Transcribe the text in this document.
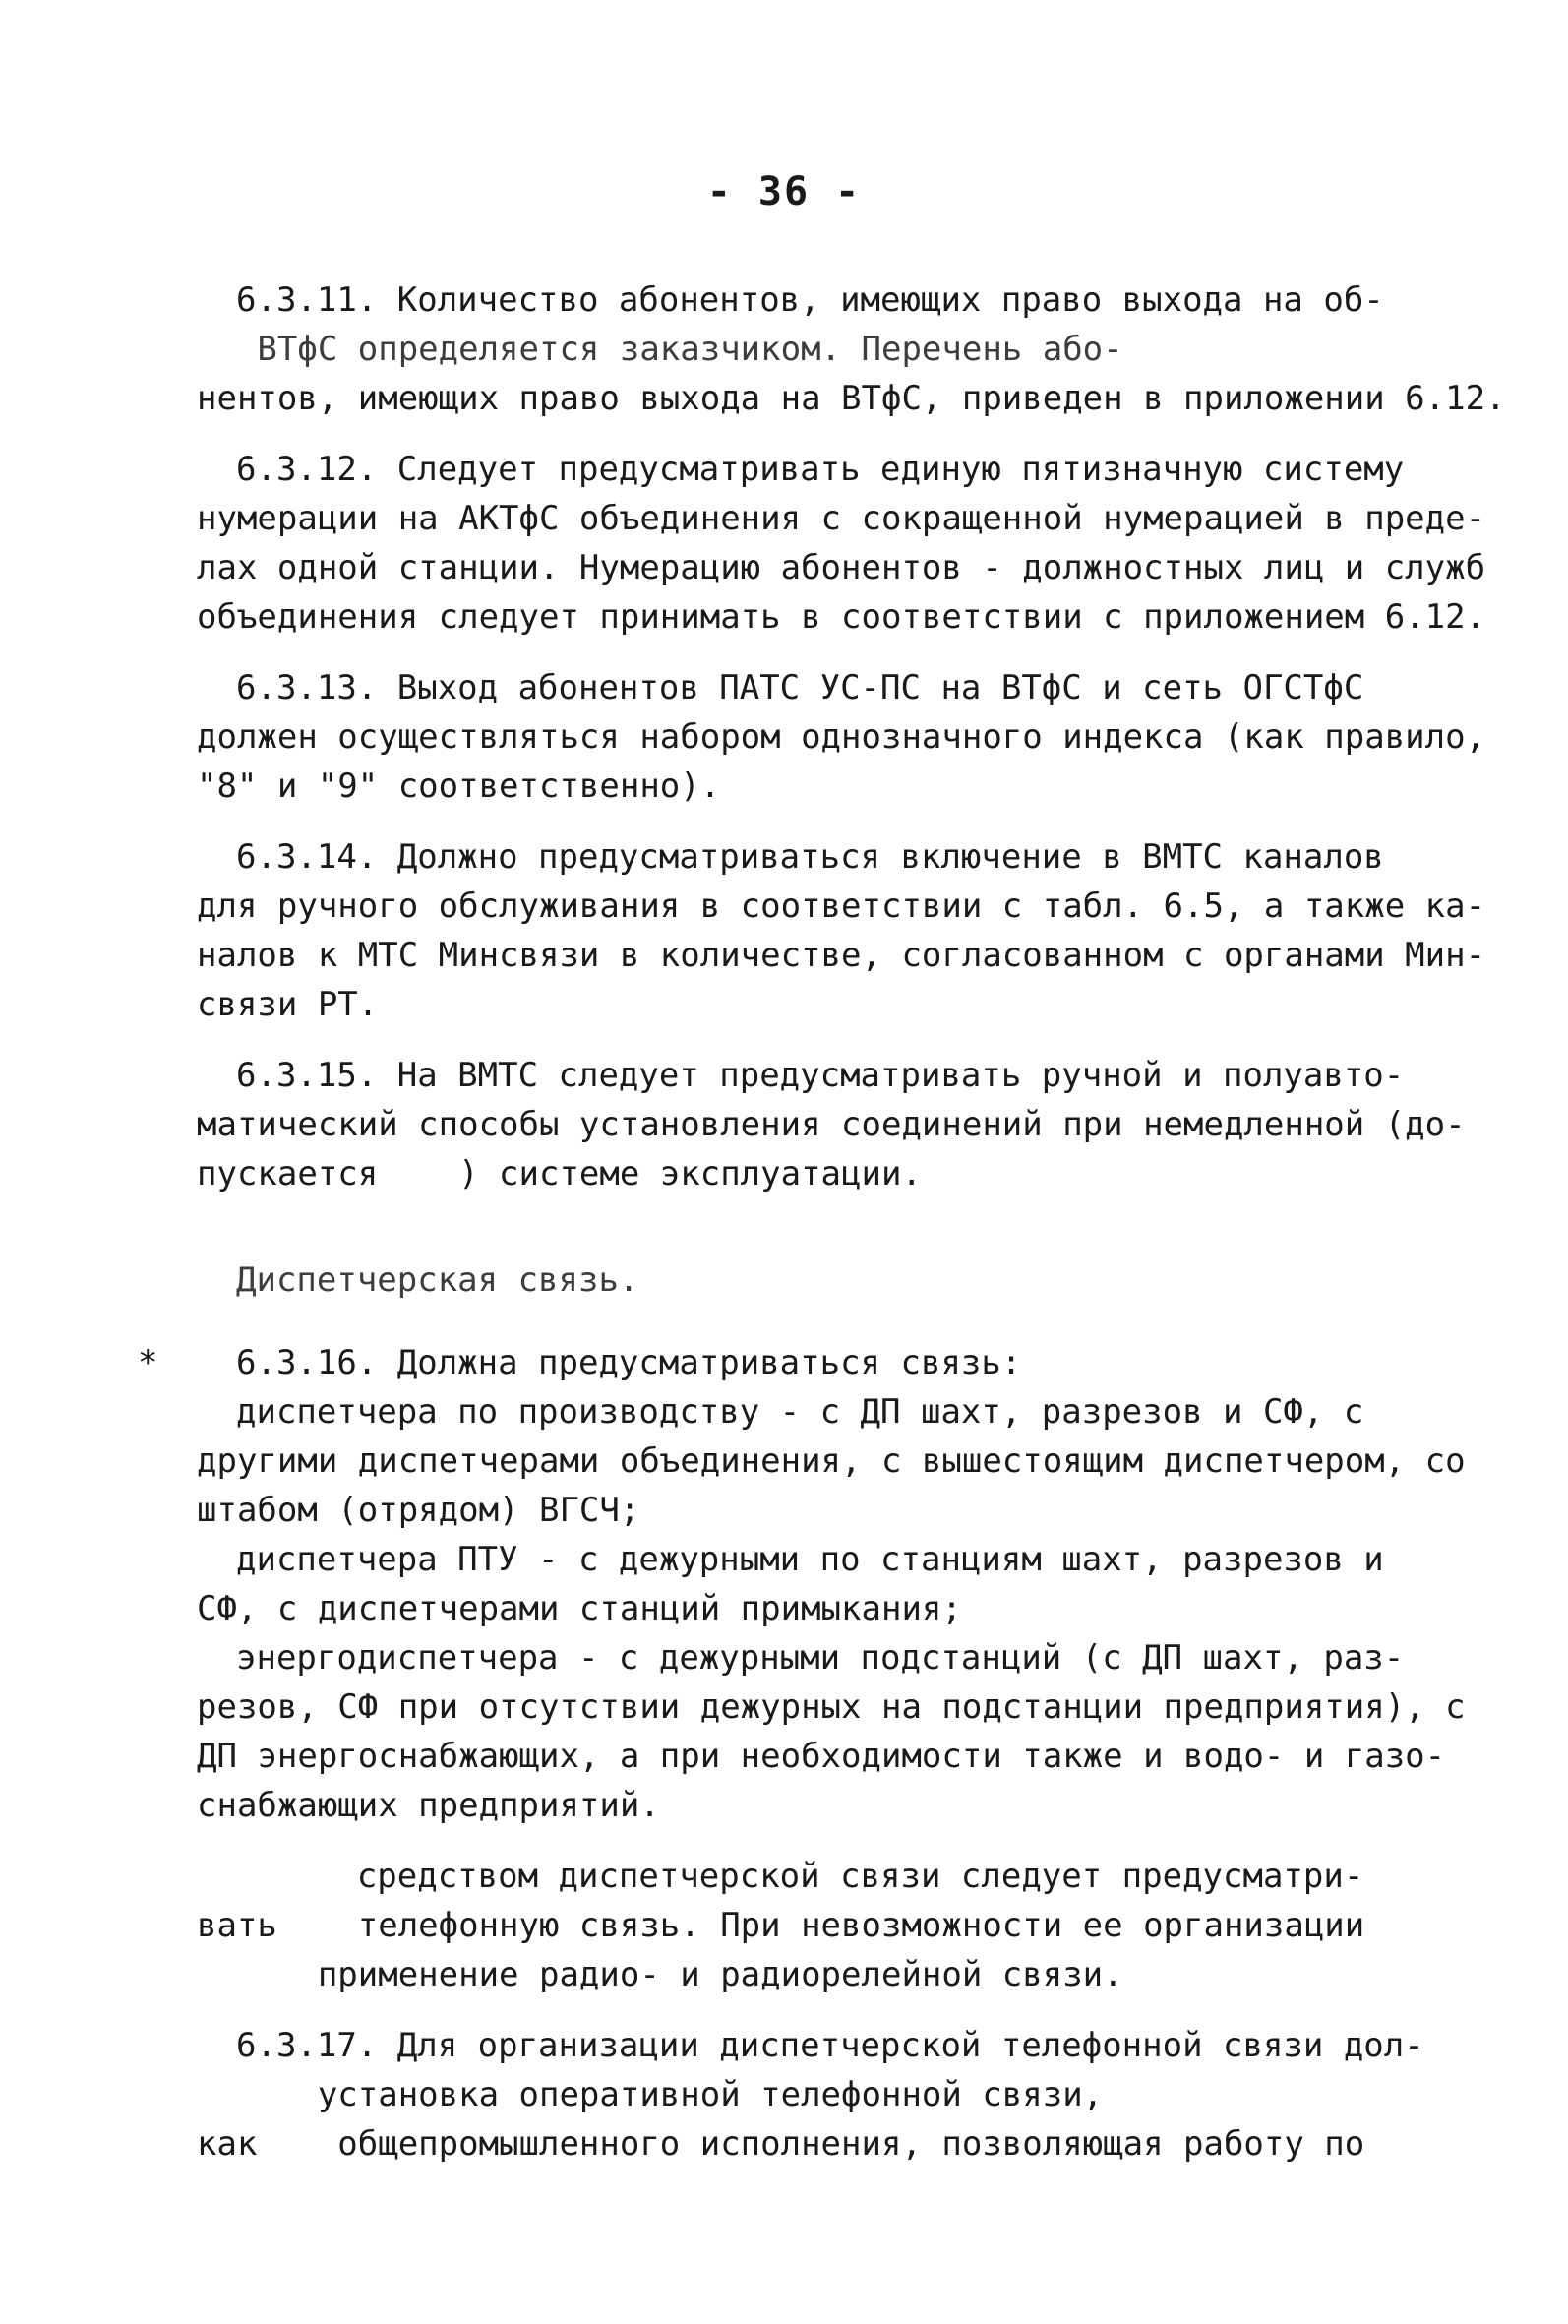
- 36 -
6.3.11. Количество абонентов, имеющих право выхода на об-
ВТфС определяется заказчиком. Перечень або-
нентов, имеющих право выхода на ВТфС, приведен в приложении 6.12.
6.3.12. Следует предусматривать единую пятизначную систему
нумерации на АКТфС объединения с сокращенной нумерацией в преде-
лах одной станции. Нумерацию абонентов - должностных лиц и служб
объединения следует принимать в соответствии с приложением 6.12.
6.3.13. Выход абонентов ПАТС УС-ПС на ВТфС и сеть ОГСТфС
должен осуществляться набором однозначного индекса (как правило,
"8" и "9" соответственно).
6.3.14. Должно предусматриваться включение в ВМТС каналов
для ручного обслуживания в соответствии с табл. 6.5, а также ка-
налов к МТС Минсвязи в количестве, согласованном с органами Мин-
связи РТ.
6.3.15. На ВМТС следует предусматривать ручной и полуавто-
матический способы установления соединений при немедленной (до-
пускается    ) системе эксплуатации.
Диспетчерская связь.
* 6.3.16. Должна предусматриваться связь:
диспетчера по производству - с ДП шахт, разрезов и СФ, с
другими диспетчерами объединения, с вышестоящим диспетчером, со
штабом (отрядом) ВГСЧ;
диспетчера ПТУ - с дежурными по станциям шахт, разрезов и
СФ, с диспетчерами станций примыкания;
энергодиспетчера - с дежурными подстанций (с ДП шахт, раз-
резов, СФ при отсутствии дежурных на подстанции предприятия), с
ДП энергоснабжающих, а при необходимости также и водо- и газо-
снабжающих предприятий.
средством диспетчерской связи следует предусматри-
вать    телефонную связь. При невозможности ее организации
применение радио- и радиорелейной связи.
6.3.17. Для организации диспетчерской телефонной связи дол-
установка оперативной телефонной связи,
как    общепромышленного исполнения, позволяющая работу по
